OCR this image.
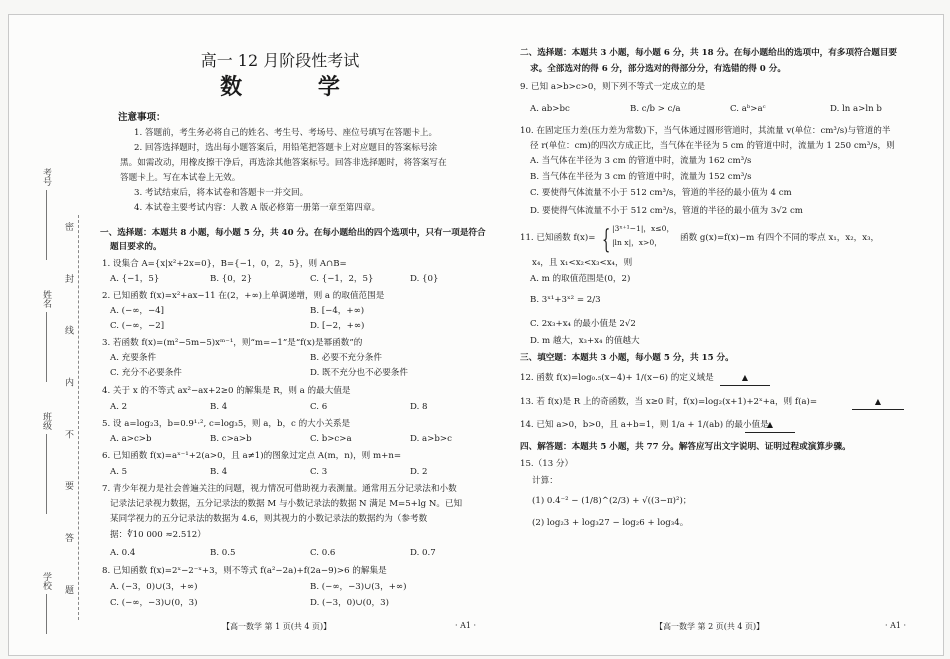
考号
姓名
班级
学校 密 封 线 内 不 要 答 题
高一 12 月阶段性考试
数 学
注意事项：
1. 答题前，考生务必将自己的姓名、考生号、考场号、座位号填写在答题卡上。
2. 回答选择题时，选出每小题答案后，用铅笔把答题卡上对应题目的答案标号涂
黑。如需改动，用橡皮擦干净后，再选涂其他答案标号。回答非选择题时，将答案写在
答题卡上。写在本试卷上无效。
3. 考试结束后，将本试卷和答题卡一并交回。
4. 本试卷主要考试内容：人教 A 版必修第一册第一章至第四章。
一、选择题：本题共 8 小题，每小题 5 分，共 40 分。在每小题给出的四个选项中，只有一项是符合
题目要求的。
1. 设集合 A={x|x²+2x=0}，B={−1，0，2，5}，则 A∩B=
A. {−1，5}	B. {0，2}	C. {−1，2，5}	D. {0}
2. 已知函数 f(x)=x²+ax−11 在(2，+∞)上单调递增，则 a 的取值范围是
A. (−∞，−4]	B. [−4，+∞)
C. (−∞，−2]	D. [−2，+∞)
3. 若函数 f(x)=(m²−5m−5)xᵐ⁻¹，则“m=−1”是“f(x)是幂函数”的
A. 充要条件	B. 必要不充分条件
C. 充分不必要条件	D. 既不充分也不必要条件
4. 关于 x 的不等式 ax²−ax+2≥0 的解集是 R，则 a 的最大值是
A. 2	B. 4	C. 6	D. 8
5. 设 a=log₂3，b=0.9¹·², c=log₃5，则 a，b，c 的大小关系是
A. a>c>b	B. c>a>b	C. b>c>a	D. a>b>c
6. 已知函数 f(x)=aˣ⁻¹+2(a>0，且 a≠1)的图象过定点 A(m，n)，则 m+n=
A. 5	B. 4	C. 3	D. 2
7. 青少年视力是社会普遍关注的问题，视力情况可借助视力表测量。通常用五分记录法和小数
记录法记录视力数据，五分记录法的数据 M 与小数记录法的数据 N 满足 M=5+lg N。已知
某同学视力的五分记录法的数据为 4.6，则其视力的小数记录法的数据约为（参考数
据：∜10 000 ≈2.512）
A. 0.4	B. 0.5	C. 0.6	D. 0.7
8. 已知函数 f(x)=2ˣ−2⁻ˣ+3，则不等式 f(a²−2a)+f(2a−9)>6 的解集是
A. (−3，0)∪(3，+∞)	B. (−∞，−3)∪(3，+∞)
C. (−∞，−3)∪(0，3)	D. (−3，0)∪(0，3)
二、选择题：本题共 3 小题，每小题 6 分，共 18 分。在每小题给出的选项中，有多项符合题目要
求。全部选对的得 6 分，部分选对的得部分分，有选错的得 0 分。
9. 已知 a>b>c>0，则下列不等式一定成立的是
A. ab>bc	B. c/b > c/a	C. aᵇ>aᶜ	D. ln a>ln b
10. 在固定压力差(压力差为常数)下，当气体通过圆形管道时，其流量 v(单位：cm³/s)与管道的半
径 r(单位：cm)的四次方成正比，当气体在半径为 5 cm 的管道中时，流量为 1 250 cm³/s，则
A. 当气体在半径为 3 cm 的管道中时，流量为 162 cm³/s
B. 当气体在半径为 3 cm 的管道中时，流量为 152 cm³/s
C. 要使得气体流量不小于 512 cm³/s，管道的半径的最小值为 4 cm
D. 要使得气体流量不小于 512 cm³/s，管道的半径的最小值为 3√2 cm
11. 已知函数 f(x)= { |3ˣ⁺¹−1|，x≤0，
|ln x|，x>0， 函数 g(x)=f(x)−m 有四个不同的零点 x₁，x₂，x₃，
x₄，且 x₁<x₂<x₃<x₄，则
A. m 的取值范围是(0，2)
B. 3ˣ¹+3ˣ² = 2/3
C. 2x₃+x₄ 的最小值是 2√2
D. m 越大，x₃+x₄ 的值越大
三、填空题：本题共 3 小题，每小题 5 分，共 15 分。
12. 函数 f(x)=log₀.₅(x−4)+ 1/(x−6) 的定义域是	▲
13. 若 f(x)是 R 上的奇函数，当 x≥0 时，f(x)=log₂(x+1)+2ˣ+a，则 f(a)=	▲
14. 已知 a>0，b>0，且 a+b=1，则 1/a + 1/(ab) 的最小值是
▲
四、解答题：本题共 5 小题，共 77 分。解答应写出文字说明、证明过程或演算步骤。
15.（13 分）
计算：
(1) 0.4⁻² − (1/8)^(2/3) + √((3−π)²)；
(2) log₂3 + log₃27 − log₂6 + log₃4。
【高一数学 第 1 页(共 4 页)】	· A1 ·	【高一数学 第 2 页(共 4 页)】	· A1 ·
